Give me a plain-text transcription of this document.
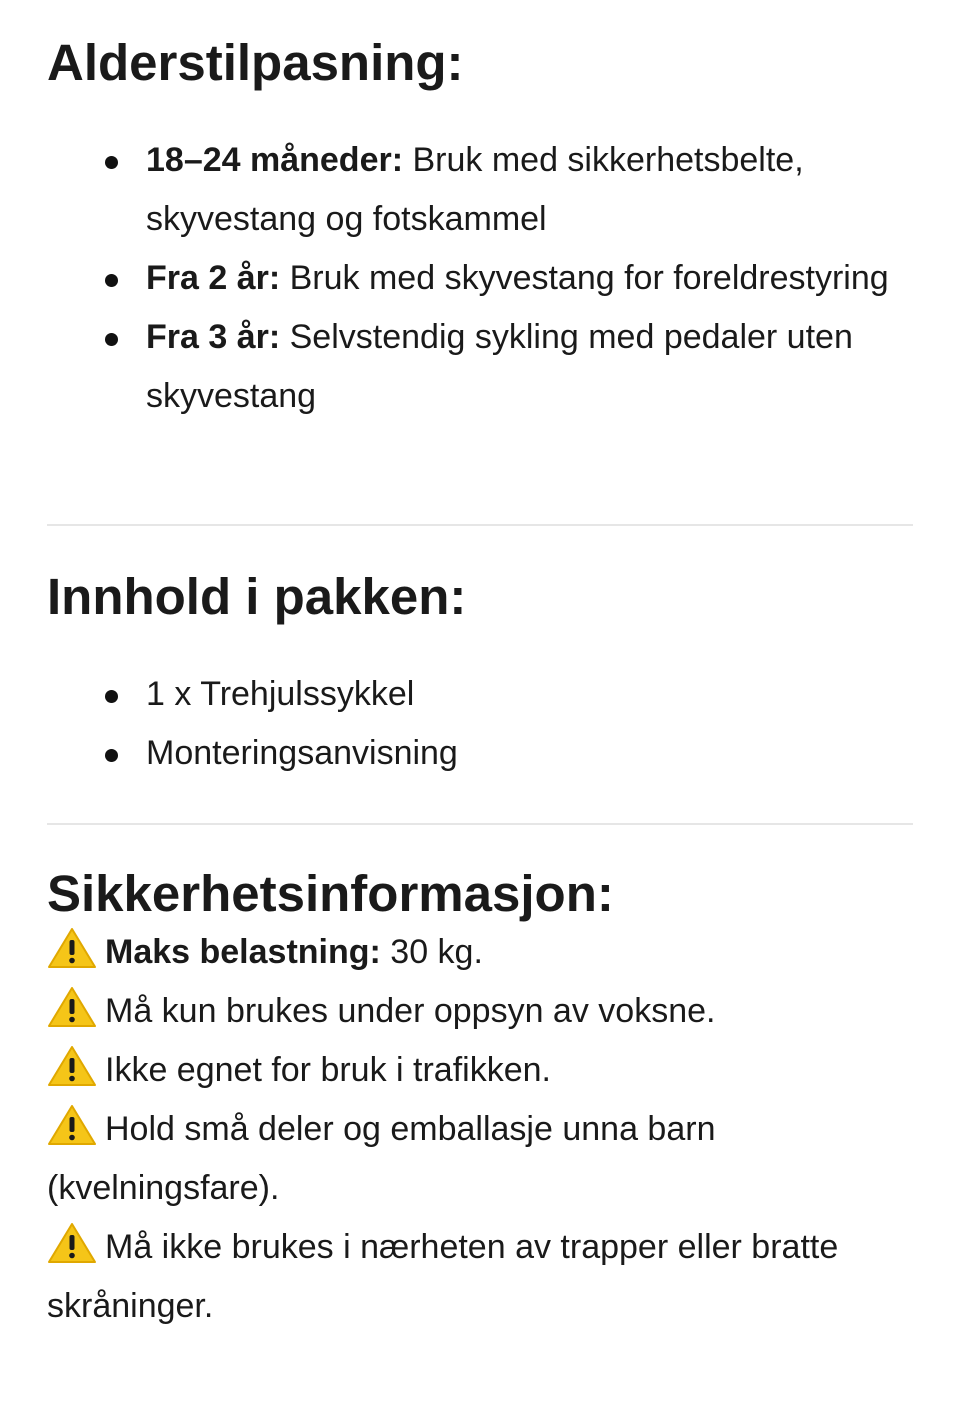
Alderstilpasning:
18–24 måneder: Bruk med sikkerhetsbelte, skyvestang og fotskammel
Fra 2 år: Bruk med skyvestang for foreldrestyring
Fra 3 år: Selvstendig sykling med pedaler uten skyvestang
Innhold i pakken:
1 x Trehjulssykkel
Monteringsanvisning
Sikkerhetsinformasjon:
Maks belastning: 30 kg.
Må kun brukes under oppsyn av voksne.
Ikke egnet for bruk i trafikken.
Hold små deler og emballasje unna barn (kvelningsfare).
Må ikke brukes i nærheten av trapper eller bratte skråninger.
